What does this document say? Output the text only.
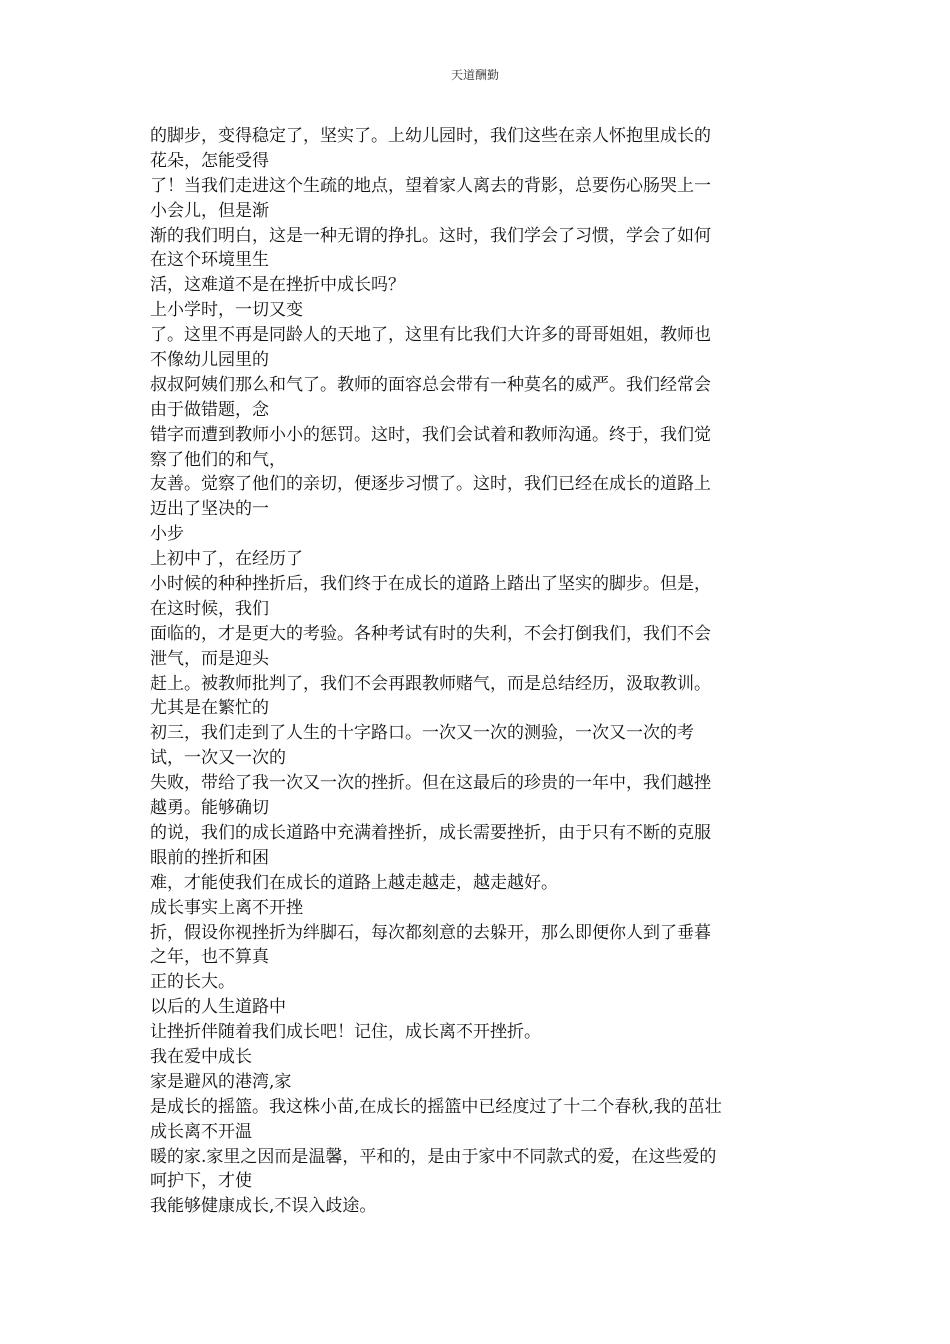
天道酬勤
的脚步，变得稳定了，坚实了。上幼儿园时，我们这些在亲人怀抱里成长的
花朵，怎能受得
了！当我们走进这个生疏的地点，望着家人离去的背影，总要伤心肠哭上一
小会儿，但是渐
渐的我们明白，这是一种无谓的挣扎。这时，我们学会了习惯，学会了如何
在这个环境里生
活，这难道不是在挫折中成长吗？
上小学时，一切又变
了。这里不再是同龄人的天地了，这里有比我们大许多的哥哥姐姐，教师也
不像幼儿园里的
叔叔阿姨们那么和气了。教师的面容总会带有一种莫名的威严。我们经常会
由于做错题，念
错字而遭到教师小小的惩罚。这时，我们会试着和教师沟通。终于，我们觉
察了他们的和气，
友善。觉察了他们的亲切，便逐步习惯了。这时，我们已经在成长的道路上
迈出了坚决的一
小步
上初中了，在经历了
小时候的种种挫折后，我们终于在成长的道路上踏出了坚实的脚步。但是，
在这时候，我们
面临的，才是更大的考验。各种考试有时的失利，不会打倒我们，我们不会
泄气，而是迎头
赶上。被教师批判了，我们不会再跟教师赌气，而是总结经历，汲取教训。
尤其是在繁忙的
初三，我们走到了人生的十字路口。一次又一次的测验，一次又一次的考
试，一次又一次的
失败，带给了我一次又一次的挫折。但在这最后的珍贵的一年中，我们越挫
越勇。能够确切
的说，我们的成长道路中充满着挫折，成长需要挫折，由于只有不断的克服
眼前的挫折和困
难，才能使我们在成长的道路上越走越走，越走越好。
成长事实上离不开挫
折，假设你视挫折为绊脚石，每次都刻意的去躲开，那么即便你人到了垂暮
之年，也不算真
正的长大。
以后的人生道路中
让挫折伴随着我们成长吧！记住，成长离不开挫折。
我在爱中成长
家是避风的港湾,家
是成长的摇篮。我这株小苗,在成长的摇篮中已经度过了十二个春秋,我的茁壮
成长离不开温
暖的家.家里之因而是温馨，平和的，是由于家中不同款式的爱，在这些爱的
呵护下，才使
我能够健康成长,不误入歧途。
